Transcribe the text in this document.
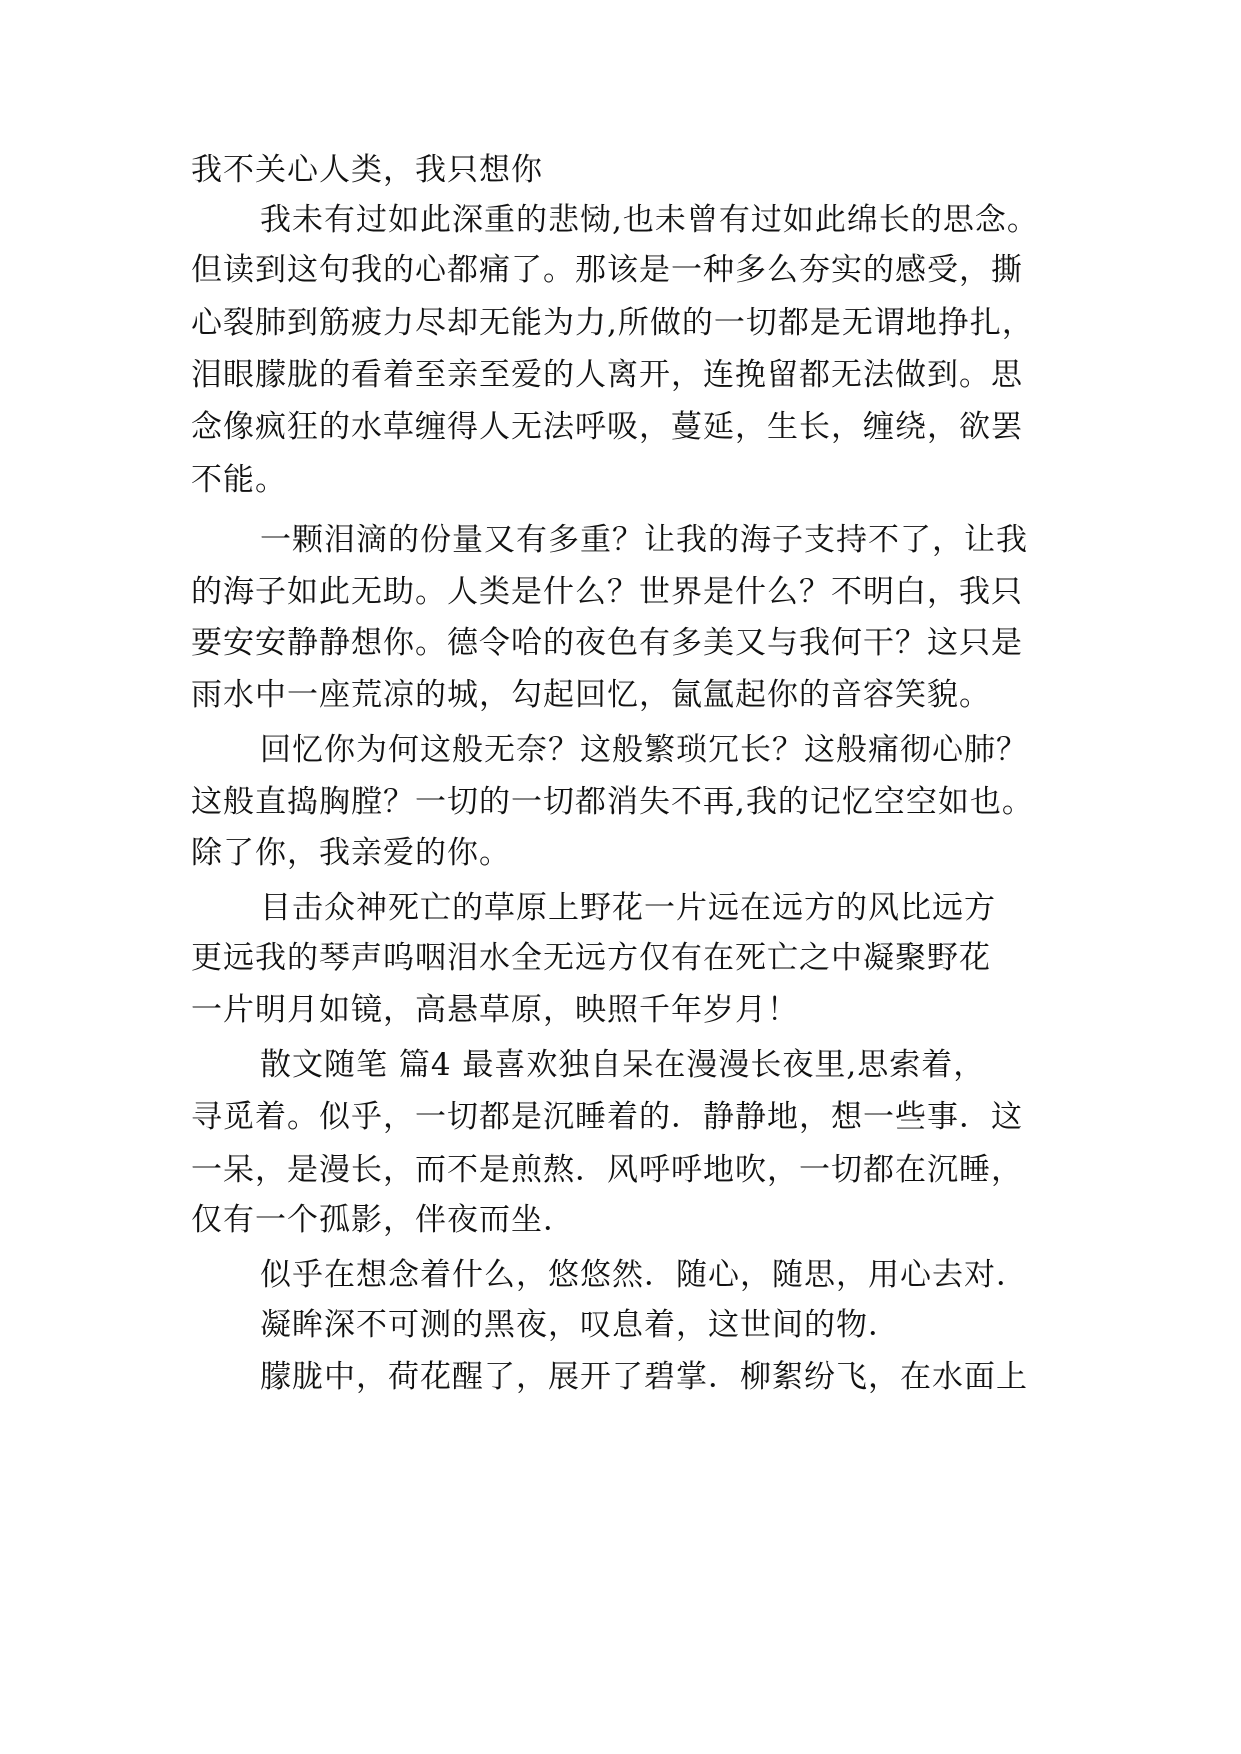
我不关心人类，我只想你
我未有过如此深重的悲恸,也未曾有过如此绵长的思念。
但读到这句我的心都痛了。那该是一种多么夯实的感受，撕
心裂肺到筋疲力尽却无能为力,所做的一切都是无谓地挣扎，
泪眼朦胧的看着至亲至爱的人离开，连挽留都无法做到。思
念像疯狂的水草缠得人无法呼吸，蔓延，生长，缠绕，欲罢
不能。
一颗泪滴的份量又有多重？让我的海子支持不了，让我
的海子如此无助。人类是什么？世界是什么？不明白，我只
要安安静静想你。德令哈的夜色有多美又与我何干？这只是
雨水中一座荒凉的城，勾起回忆，氤氲起你的音容笑貌。
回忆你为何这般无奈？这般繁琐冗长？这般痛彻心肺？
这般直捣胸膛？一切的一切都消失不再,我的记忆空空如也。
除了你，我亲爱的你。
目击众神死亡的草原上野花一片远在远方的风比远方
更远我的琴声呜咽泪水全无远方仅有在死亡之中凝聚野花
一片明月如镜，高悬草原，映照千年岁月！
散文随笔 篇4 最喜欢独自呆在漫漫长夜里,思索着，
寻觅着。似乎，一切都是沉睡着的．静静地，想一些事．这
一呆，是漫长，而不是煎熬．风呼呼地吹，一切都在沉睡，
仅有一个孤影，伴夜而坐．
似乎在想念着什么，悠悠然．随心，随思，用心去对．
凝眸深不可测的黑夜，叹息着，这世间的物．
朦胧中，荷花醒了，展开了碧掌．柳絮纷飞，在水面上
